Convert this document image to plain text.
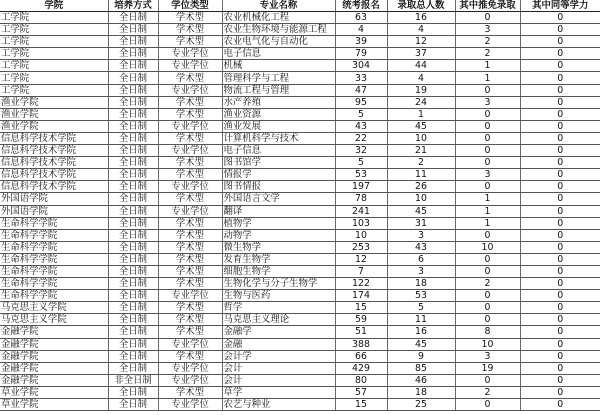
学院	培养方式	学位类型	专业名称	统考报名	录取总人数	其中推免录取	其中同等学力
工学院	全日制	学术型	农业机械化工程	63	16	0	0
工学院	全日制	学术型	农业生物环境与能源工程	4	4	3	0
工学院	全日制	学术型	农业电气化与自动化	39	12	2	0
工学院	全日制	专业学位	电子信息	79	37	2	0
工学院	全日制	专业学位	机械	304	44	1	0
工学院	全日制	学术型	管理科学与工程	33	4	1	0
工学院	全日制	专业学位	物流工程与管理	47	19	0	0
渔业学院	全日制	学术型	水产养殖	95	24	3	0
渔业学院	全日制	学术型	渔业资源	5	1	0	0
渔业学院	全日制	专业学位	渔业发展	43	45	0	0
信息科学技术学院	全日制	学术型	计算机科学与技术	22	10	0	0
信息科学技术学院	全日制	专业学位	电子信息	32	21	0	0
信息科学技术学院	全日制	学术型	图书馆学	5	2	0	0
信息科学技术学院	全日制	学术型	情报学	53	11	3	0
信息科学技术学院	全日制	专业学位	图书情报	197	26	0	0
外国语学院	全日制	学术型	外国语言文学	78	10	1	0
外国语学院	全日制	专业学位	翻译	241	45	1	0
生命科学学院	全日制	学术型	植物学	103	31	1	0
生命科学学院	全日制	学术型	动物学	10	3	0	0
生命科学学院	全日制	学术型	微生物学	253	43	10	0
生命科学学院	全日制	学术型	发育生物学	12	6	0	0
生命科学学院	全日制	学术型	细胞生物学	7	3	0	0
生命科学学院	全日制	学术型	生物化学与分子生物学	122	18	2	0
生命科学学院	全日制	专业学位	生物与医药	174	53	0	0
马克思主义学院	全日制	学术型	哲学	15	5	0	0
马克思主义学院	全日制	学术型	马克思主义理论	59	11	0	0
金融学院	全日制	学术型	金融学	51	16	8	0
金融学院	全日制	专业学位	金融	388	45	10	0
金融学院	全日制	学术型	会计学	66	9	3	0
金融学院	全日制	专业学位	会计	429	85	19	0
金融学院	非全日制	专业学位	会计	80	46	0	0
草业学院	全日制	学术型	草学	57	18	2	0
草业学院	全日制	专业学位	农艺与种业	15	25	0	0
